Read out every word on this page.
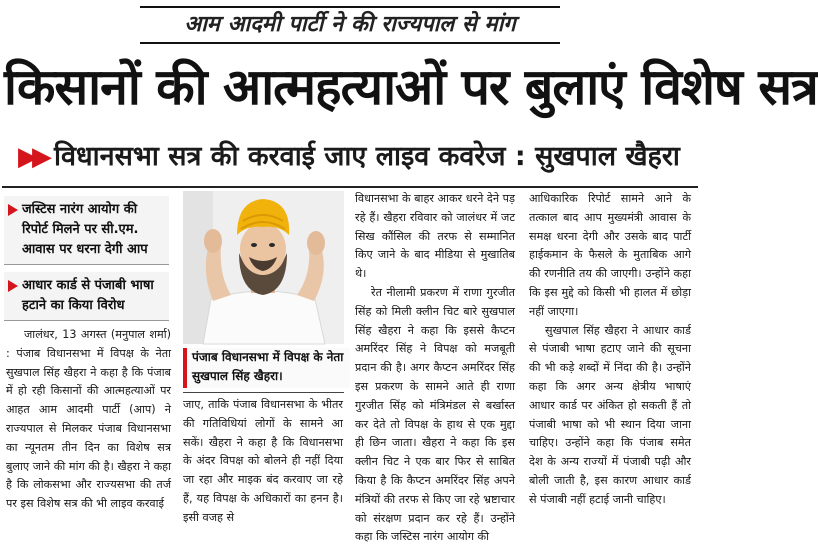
आम आदमी पार्टी ने की राज्यपाल से मांग
किसानों की आत्महत्याओं पर बुलाएं विशेष सत्र
▶▶ विधानसभा सत्र की करवाई जाए लाइव कवरेज : सुखपाल खैहरा
जस्टिस नारंग आयोग की रिपोर्ट मिलने पर सी.एम. आवास पर धरना देगी आप
आधार कार्ड से पंजाबी भाषा हटाने का किया विरोध

जालंधर, 13 अगस्त (मनुपाल शर्मा) : पंजाब विधानसभा में विपक्ष के नेता सुखपाल सिंह खैहरा ने कहा है कि पंजाब में हो रही किसानों की आत्महत्याओं पर आहत आम आदमी पार्टी (आप) ने राज्यपाल से मिलकर पंजाब विधानसभा का न्यूनतम तीन दिन का विशेष सत्र बुलाए जाने की मांग की है। खैहरा ने कहा है कि लोकसभा और राज्यसभा की तर्ज पर इस विशेष सत्र की भी लाइव करवाई

पंजाब विधानसभा में विपक्ष के नेता सुखपाल सिंह खैहरा।

जाए, ताकि पंजाब विधानसभा के भीतर की गतिविधियां लोगों के सामने आ सकें। खैहरा ने कहा है कि विधानसभा के अंदर विपक्ष को बोलने ही नहीं दिया जा रहा और माइक बंद करवाए जा रहे हैं, यह विपक्ष के अधिकारों का हनन है। इसी वजह से

विधानसभा के बाहर आकर धरने देने पड़ रहे हैं। खैहरा रविवार को जालंधर में जट सिख कौंसिल की तरफ से सम्मानित किए जाने के बाद मीडिया से मुखातिब थे।

रेत नीलामी प्रकरण में राणा गुरजीत सिंह को मिली क्लीन चिट बारे सुखपाल सिंह खैहरा ने कहा कि इससे कैप्टन अमरिंदर सिंह ने विपक्ष को मजबूती प्रदान की है। अगर कैप्टन अमरिंदर सिंह इस प्रकरण के सामने आते ही राणा गुरजीत सिंह को मंत्रिमंडल से बर्खास्त कर देते तो विपक्ष के हाथ से एक मुद्दा ही छिन जाता। खैहरा ने कहा कि इस क्लीन चिट ने एक बार फिर से साबित किया है कि कैप्टन अमरिंदर सिंह अपने मंत्रियों की तरफ से किए जा रहे भ्रष्टाचार को संरक्षण प्रदान कर रहे हैं। उन्होंने कहा कि जस्टिस नारंग आयोग की

आधिकारिक रिपोर्ट सामने आने के तत्काल बाद आप मुख्यमंत्री आवास के समक्ष धरना देगी और उसके बाद पार्टी हाईकमान के फैसले के मुताबिक आगे की रणनीति तय की जाएगी। उन्होंने कहा कि इस मुद्दे को किसी भी हालत में छोड़ा नहीं जाएगा।

सुखपाल सिंह खैहरा ने आधार कार्ड से पंजाबी भाषा हटाए जाने की सूचना की भी कड़े शब्दों में निंदा की है। उन्होंने कहा कि अगर अन्य क्षेत्रीय भाषाएं आधार कार्ड पर अंकित हो सकती हैं तो पंजाबी भाषा को भी स्थान दिया जाना चाहिए। उन्होंने कहा कि पंजाब समेत देश के अन्य राज्यों में पंजाबी पढ़ी और बोली जाती है, इस कारण आधार कार्ड से पंजाबी नहीं हटाई जानी चाहिए।
